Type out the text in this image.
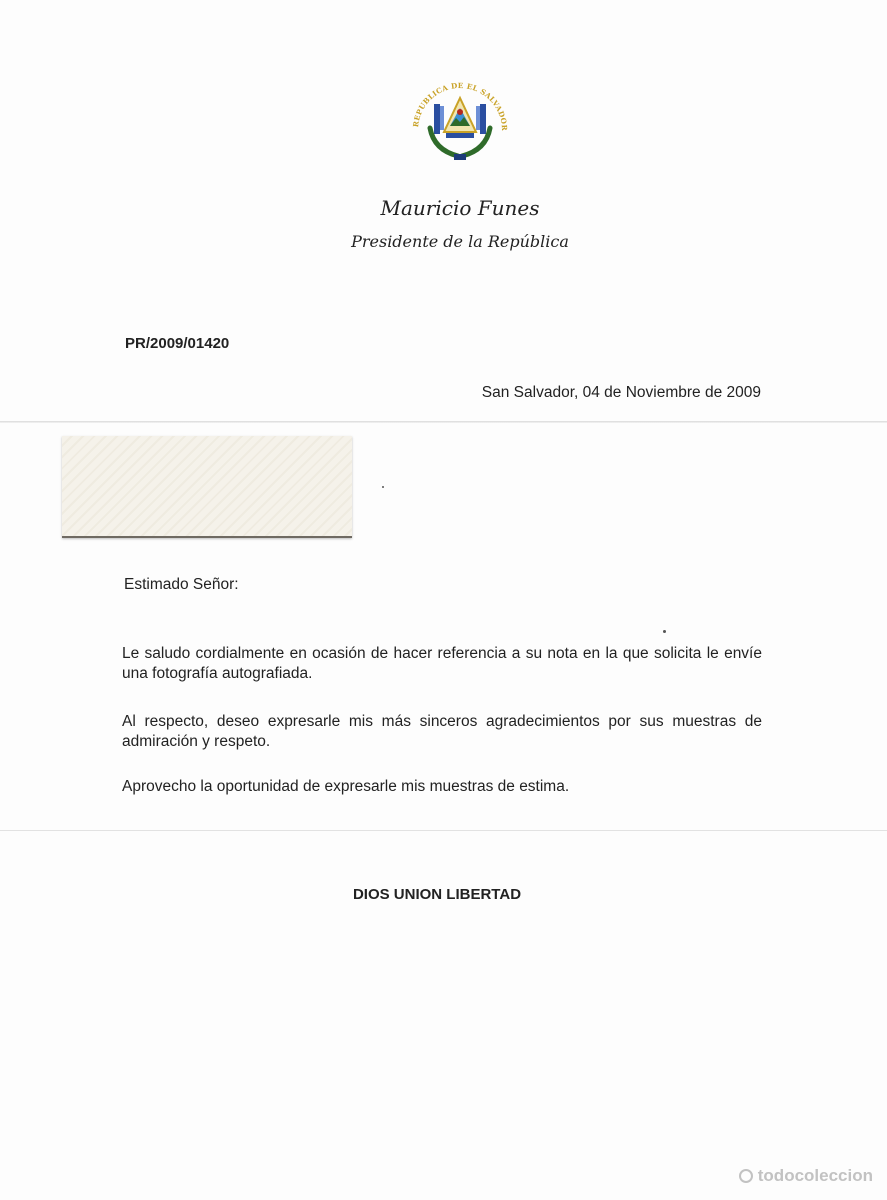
REPUBLICA DE EL SALVADOR
Mauricio Funes
Presidente de la República
PR/2009/01420
San Salvador, 04 de Noviembre de 2009
Estimado Señor:
Le saludo cordialmente en ocasión de hacer referencia a su nota en la que solicita le envíe una fotografía autografiada.
Al respecto, deseo expresarle mis más sinceros agradecimientos por sus muestras de admiración y respeto.
Aprovecho la oportunidad de expresarle mis muestras de estima.
DIOS UNION LIBERTAD
todocoleccion
